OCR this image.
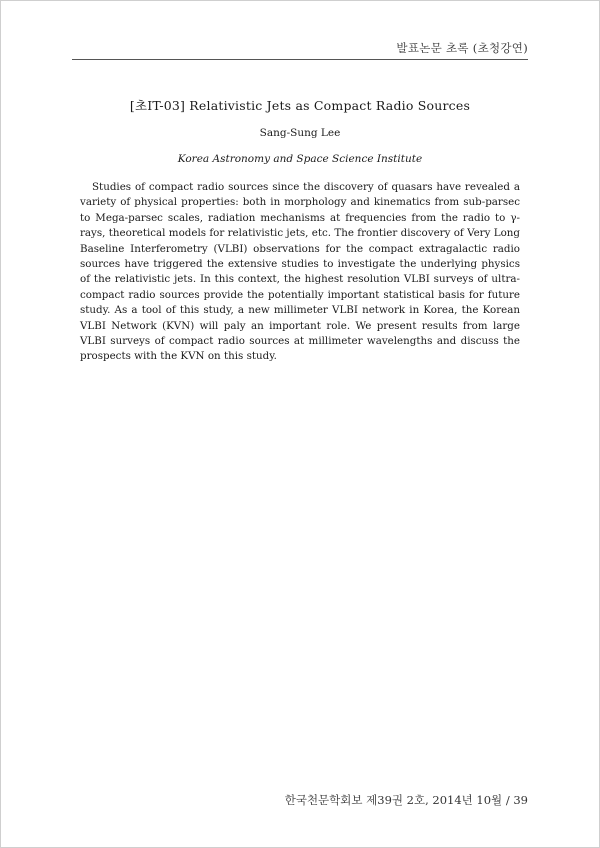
발표논문 초록 (초청강연)
[초IT-03] Relativistic Jets as Compact Radio Sources
Sang-Sung Lee
Korea Astronomy and Space Science Institute

Studies of compact radio sources since the discovery of quasars have revealed a variety of physical properties: both in morphology and kinematics from sub-parsec to Mega-parsec scales, radiation mechanisms at frequencies from the radio to γ-rays, theoretical models for relativistic jets, etc. The frontier discovery of Very Long Baseline Interferometry (VLBI) observations for the compact extragalactic radio sources have triggered the extensive studies to investigate the underlying physics of the relativistic jets. In this context, the highest resolution VLBI surveys of ultra-compact radio sources provide the potentially important statistical basis for future study. As a tool of this study, a new millimeter VLBI network in Korea, the Korean VLBI Network (KVN) will paly an important role. We present results from large VLBI surveys of compact radio sources at millimeter wavelengths and discuss the prospects with the KVN on this study.

한국천문학회보 제39권 2호, 2014년 10월 / 39
